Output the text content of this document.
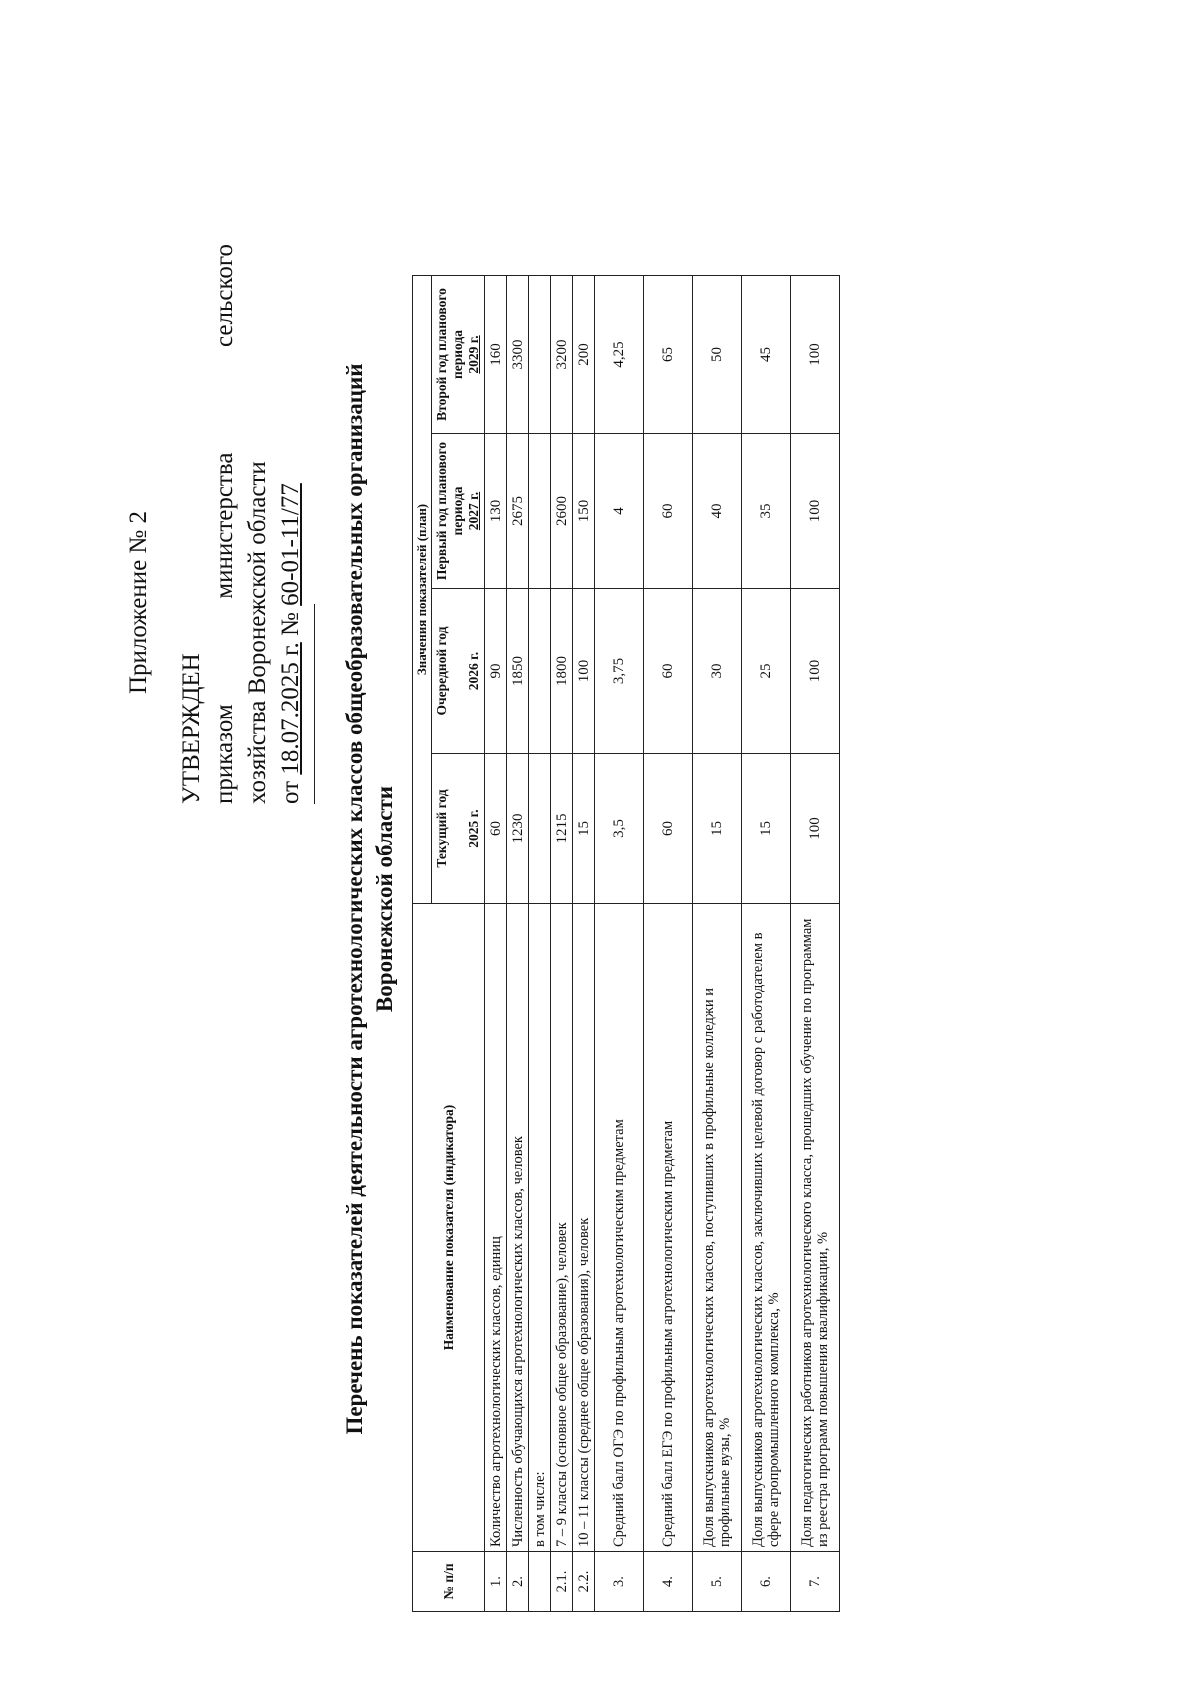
Приложение № 2
УТВЕРЖДЕН приказом
министерства
сельского
хозяйства Воронежской области от 18.07.2025 г. № 60-01-11/77 Перечень показателей деятельности агротехнологических классов общеобразовательных организаций Воронежской области
№ п/п	Наименование показателя (индикатора)	Значения показателей (план)			
		Текущий год 2025 г.	Очередной год 2026 г.	Первый год планового периода 2027 г.	Второй год планового периода 2029 г.

1.	Количество агротехнологических классов, единиц	60	90	130	160
2.	Численность обучающихся агротехнологических классов, человек	1230	1850	2675	3300
	в том числе:				
2.1.	7 – 9 классы (основное общее образование), человек	1215	1800	2600	3200
2.2.	10 – 11 классы (среднее общее образования), человек	15	100	150	200
3.	Средний балл ОГЭ по профильным агротехнологическим предметам	3,5	3,75	4	4,25
4.	Средний балл ЕГЭ по профильным агротехнологическим предметам	60	60	60	65
5.	Доля выпускников агротехнологических классов, поступивших в профильные колледжи и профильные вузы, %	15	30	40	50
6.	Доля выпускников агротехнологических классов, заключивших целевой договор с работодателем в сфере агропромышленного комплекса, %	15	25	35	45
7.	Доля педагогических работников агротехнологического класса, прошедших обучение по программам из реестра программ повышения квалификации, %	100	100	100	100
